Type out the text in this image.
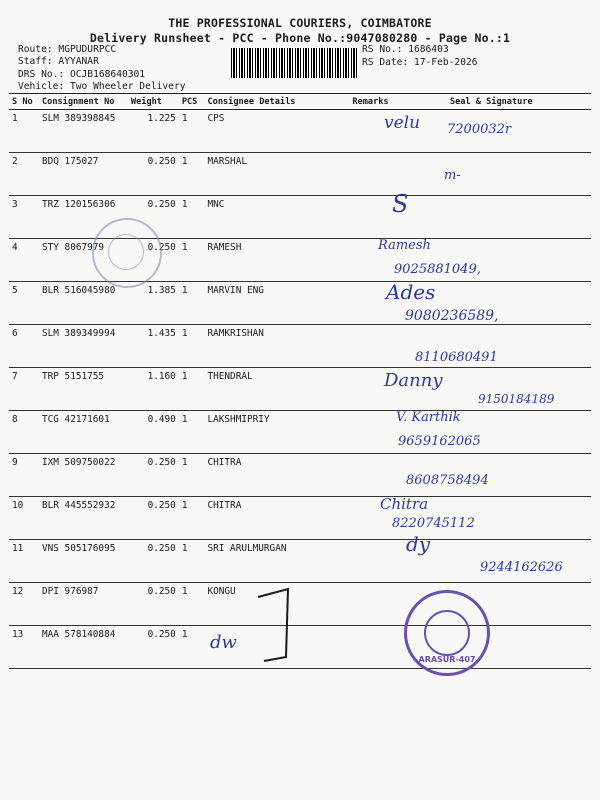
THE PROFESSIONAL COURIERS, COIMBATORE
Delivery Runsheet - PCC - Phone No.:9047080280 - Page No.:1
Route: MGPUDURPCC
Staff: AYYANAR
DRS No.: OCJB168640301
Vehicle: Two Wheeler Delivery
RS No.: 1686403
RS Date: 17-Feb-2026
S No	Consignment No	Weight	PCS	Consignee Details	Remarks	Seal & Signature
1	SLM 389398845	1.225	1	CPS		
2	BDQ 175027	0.250	1	MARSHAL		
3	TRZ 120156306	0.250	1	MNC		
4	STY 8067979	0.250	1	RAMESH		
5	BLR 516045980	1.385	1	MARVIN ENG		
6	SLM 389349994	1.435	1	RAMKRISHAN		
7	TRP 5151755	1.160	1	THENDRAL		
8	TCG 42171601	0.490	1	LAKSHMIPRIY		
9	IXM 509750022	0.250	1	CHITRA		
10	BLR 445552932	0.250	1	CHITRA		
11	VNS 505176095	0.250	1	SRI ARULMURGAN		
12	DPI 976987	0.250	1	KONGU		
13	MAA 578140884	0.250	1			
ARASUR-407
velu 7200032r
m-
S
Ramesh
9025881049,
Ades
9080236589,
8110680491
Danny
9150184189
V. Karthik
9659162065
8608758494
Chitra
8220745112
dy
9244162626
dw
